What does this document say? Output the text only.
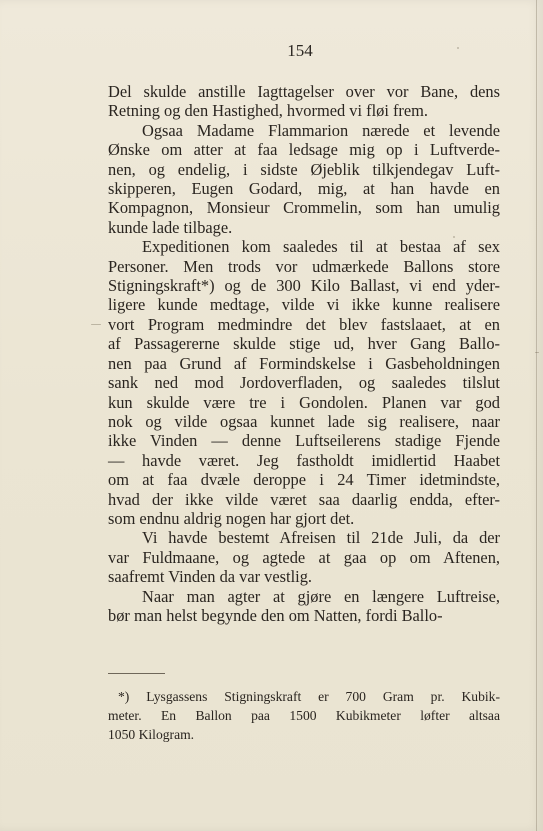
154

Del skulde anstille Iagttagelser over vor Bane, dens
Retning og den Hastighed, hvormed vi fløi frem.

Ogsaa Madame Flammarion nærede et levende
Ønske om atter at faa ledsage mig op i Luftverde-
nen, og endelig, i sidste Øjeblik tilkjendegav Luft-
skipperen, Eugen Godard, mig, at han havde en
Kompagnon, Monsieur Crommelin, som han umulig
kunde lade tilbage.

Expeditionen kom saaledes til at bestaa af sex
Personer. Men trods vor udmærkede Ballons store
Stigningskraft*) og de 300 Kilo Ballast, vi end yder-
ligere kunde medtage, vilde vi ikke kunne realisere
vort Program medmindre det blev fastslaaet, at en
af Passagererne skulde stige ud, hver Gang Ballo-
nen paa Grund af Formindskelse i Gasbeholdningen
sank ned mod Jordoverfladen, og saaledes tilslut
kun skulde være tre i Gondolen. Planen var god
nok og vilde ogsaa kunnet lade sig realisere, naar
ikke Vinden — denne Luftseilerens stadige Fjende
— havde været. Jeg fastholdt imidlertid Haabet
om at faa dvæle deroppe i 24 Timer idetmindste,
hvad der ikke vilde været saa daarlig endda, efter-
som endnu aldrig nogen har gjort det.

Vi havde bestemt Afreisen til 21de Juli, da der
var Fuldmaane, og agtede at gaa op om Aftenen,
saafremt Vinden da var vestlig.

Naar man agter at gjøre en længere Luftreise,
bør man helst begynde den om Natten, fordi Ballo-

*) Lysgassens Stigningskraft er 700 Gram pr. Kubik-
meter. En Ballon paa 1500 Kubikmeter løfter altsaa
1050 Kilogram.
